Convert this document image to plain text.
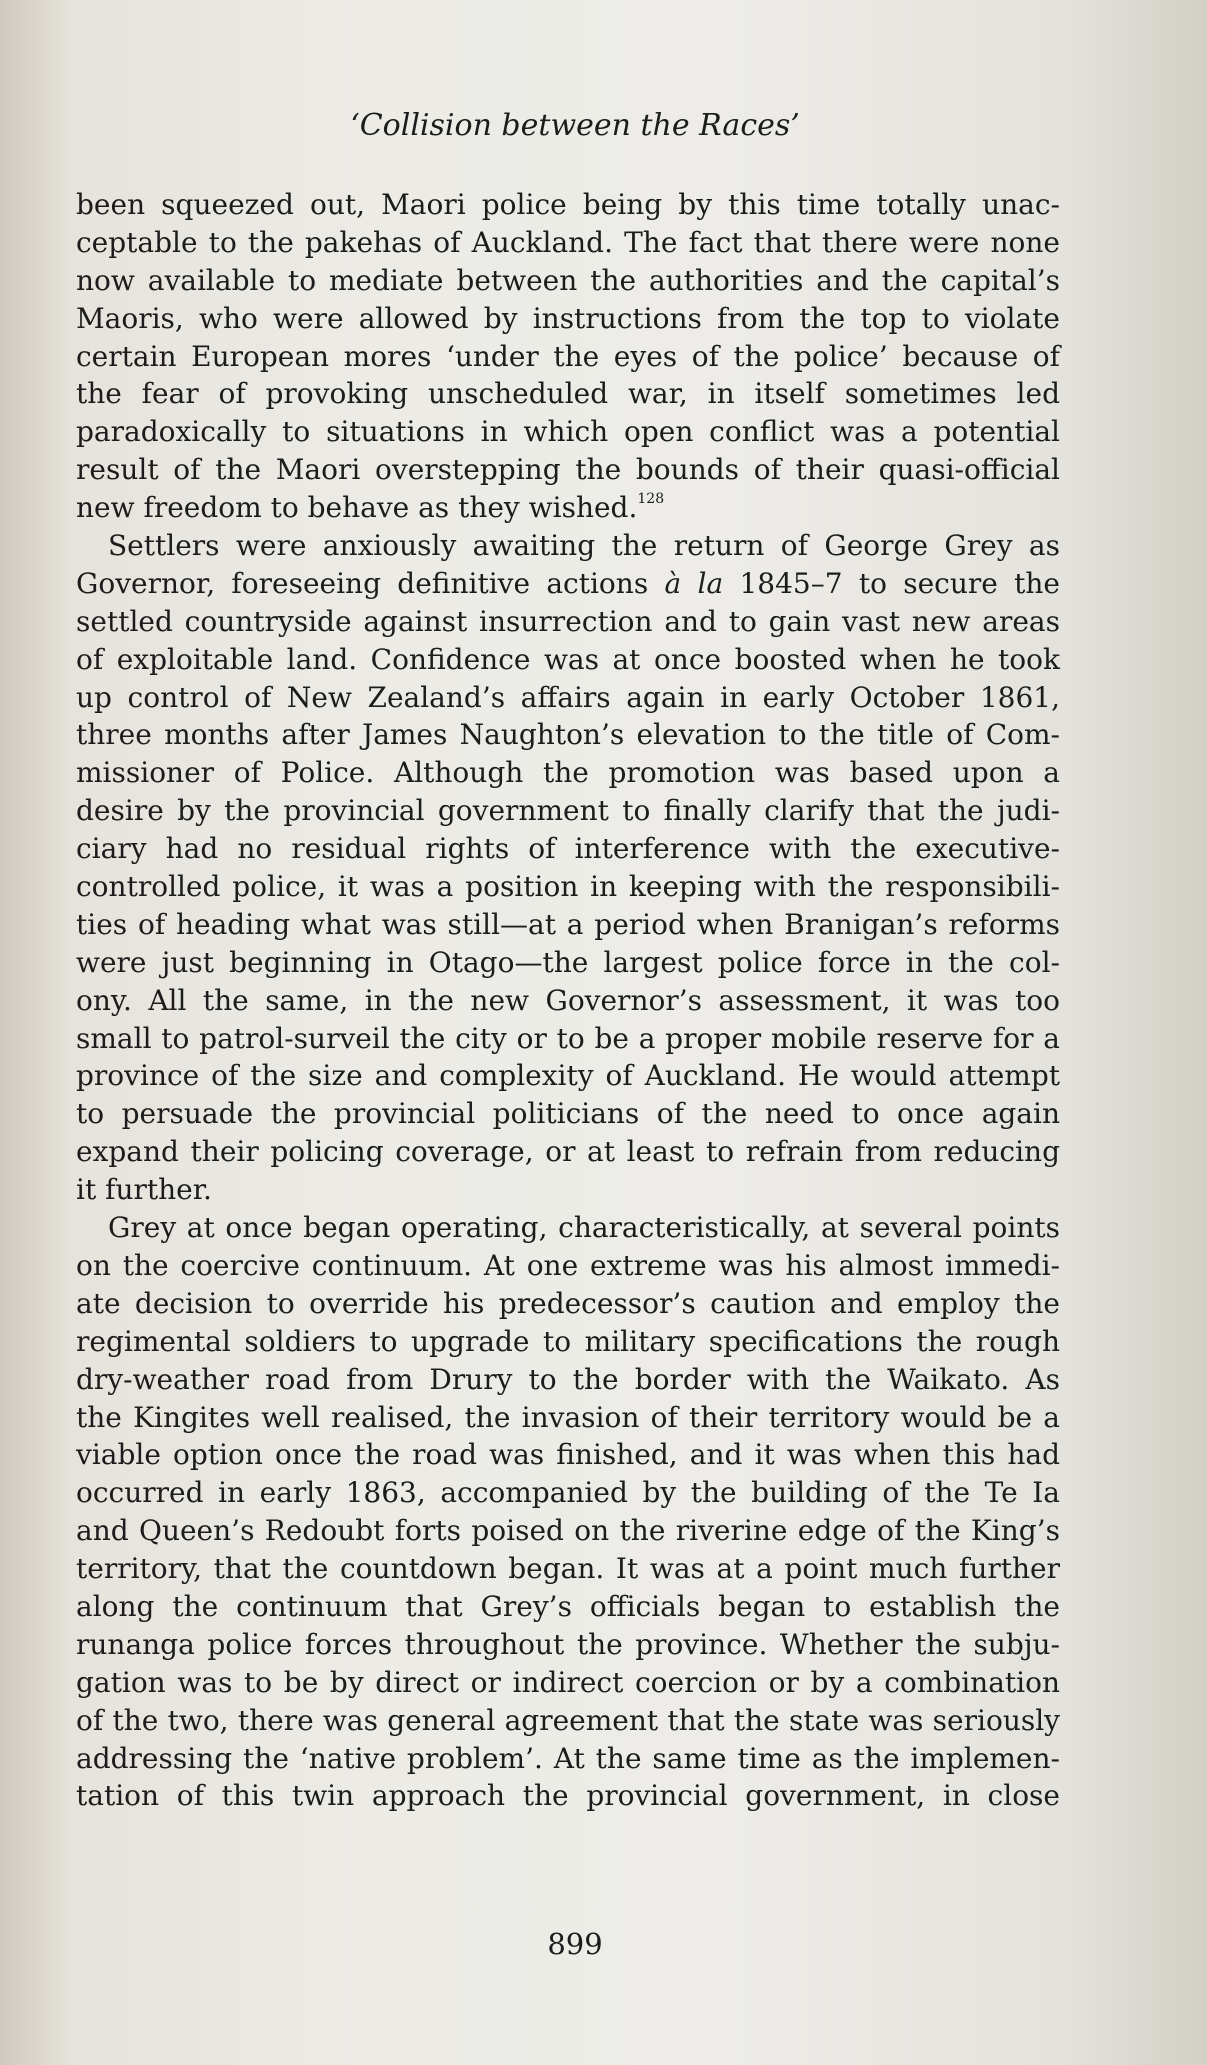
‘Collision between the Races’
been squeezed out, Maori police being by this time totally unac-
ceptable to the pakehas of Auckland. The fact that there were none
now available to mediate between the authorities and the capital’s
Maoris, who were allowed by instructions from the top to violate
certain European mores ‘under the eyes of the police’ because of
the fear of provoking unscheduled war, in itself sometimes led
paradoxically to situations in which open conflict was a potential
result of the Maori overstepping the bounds of their quasi-official
new freedom to behave as they wished.$^{128}$
Settlers were anxiously awaiting the return of George Grey as
Governor, foreseeing definitive actions à la 1845–7 to secure the
settled countryside against insurrection and to gain vast new areas
of exploitable land. Confidence was at once boosted when he took
up control of New Zealand’s affairs again in early October 1861,
three months after James Naughton’s elevation to the title of Com-
missioner of Police. Although the promotion was based upon a
desire by the provincial government to finally clarify that the judi-
ciary had no residual rights of interference with the executive-
controlled police, it was a position in keeping with the responsibili-
ties of heading what was still—at a period when Branigan’s reforms
were just beginning in Otago—the largest police force in the col-
ony. All the same, in the new Governor’s assessment, it was too
small to patrol-surveil the city or to be a proper mobile reserve for a
province of the size and complexity of Auckland. He would attempt
to persuade the provincial politicians of the need to once again
expand their policing coverage, or at least to refrain from reducing
it further.
Grey at once began operating, characteristically, at several points
on the coercive continuum. At one extreme was his almost immedi-
ate decision to override his predecessor’s caution and employ the
regimental soldiers to upgrade to military specifications the rough
dry-weather road from Drury to the border with the Waikato. As
the Kingites well realised, the invasion of their territory would be a
viable option once the road was finished, and it was when this had
occurred in early 1863, accompanied by the building of the Te Ia
and Queen’s Redoubt forts poised on the riverine edge of the King’s
territory, that the countdown began. It was at a point much further
along the continuum that Grey’s officials began to establish the
runanga police forces throughout the province. Whether the subju-
gation was to be by direct or indirect coercion or by a combination
of the two, there was general agreement that the state was seriously
addressing the ‘native problem’. At the same time as the implemen-
tation of this twin approach the provincial government, in close
899
